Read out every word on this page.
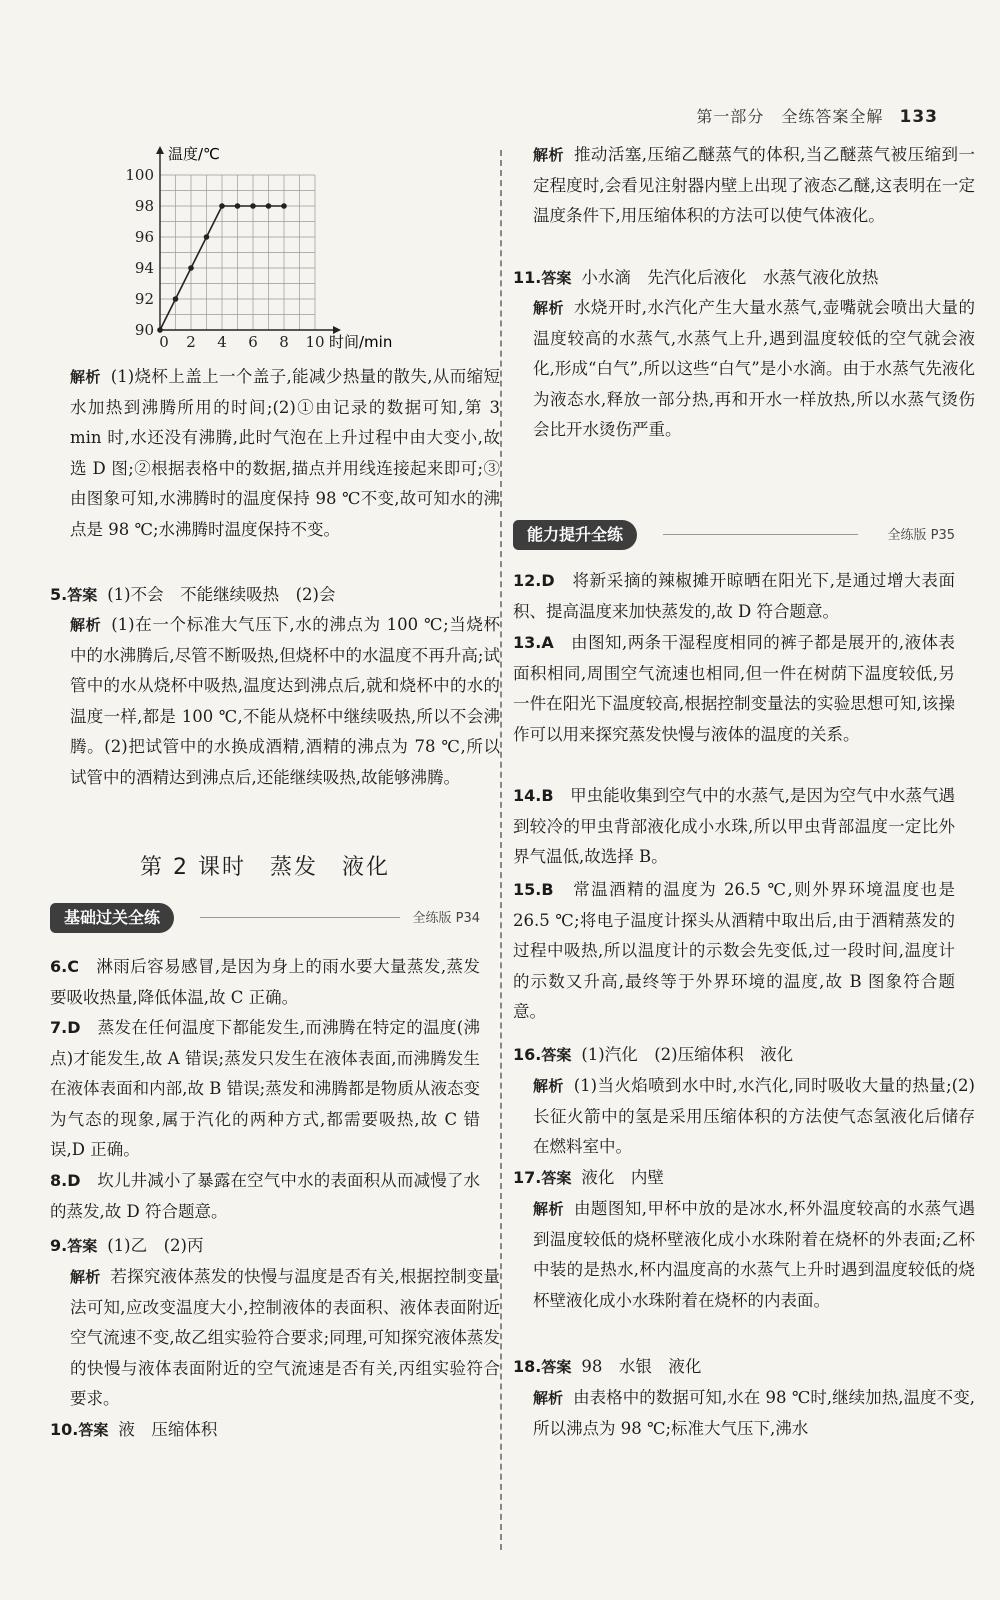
第一部分　全练答案全解 133
0 2 4 6 8 10
90
92
94
96
98
100
温度/℃
时间/min
解析 (1)烧杯上盖上一个盖子,能减少热量的散失,从而缩短水加热到沸腾所用的时间;(2)①由记录的数据可知,第 3 min 时,水还没有沸腾,此时气泡在上升过程中由大变小,故选 D 图;②根据表格中的数据,描点并用线连接起来即可;③由图象可知,水沸腾时的温度保持 98 ℃不变,故可知水的沸点是 98 ℃;水沸腾时温度保持不变。
5.答案 (1)不会　不能继续吸热　(2)会
解析 (1)在一个标准大气压下,水的沸点为 100 ℃;当烧杯中的水沸腾后,尽管不断吸热,但烧杯中的水温度不再升高;试管中的水从烧杯中吸热,温度达到沸点后,就和烧杯中的水的温度一样,都是 100 ℃,不能从烧杯中继续吸热,所以不会沸腾。(2)把试管中的水换成酒精,酒精的沸点为 78 ℃,所以试管中的酒精达到沸点后,还能继续吸热,故能够沸腾。
6.C　 淋雨后容易感冒,是因为身上的雨水要大量蒸发,蒸发要吸收热量,降低体温,故 C 正确。
7.D　 蒸发在任何温度下都能发生,而沸腾在特定的温度(沸点)才能发生,故 A 错误;蒸发只发生在液体表面,而沸腾发生在液体表面和内部,故 B 错误;蒸发和沸腾都是物质从液态变为气态的现象,属于汽化的两种方式,都需要吸热,故 C 错误,D 正确。
8.D　 坎儿井减小了暴露在空气中水的表面积从而减慢了水的蒸发,故 D 符合题意。
9.答案 (1)乙　(2)丙
解析 若探究液体蒸发的快慢与温度是否有关,根据控制变量法可知,应改变温度大小,控制液体的表面积、液体表面附近空气流速不变,故乙组实验符合要求;同理,可知探究液体蒸发的快慢与液体表面附近的空气流速是否有关,丙组实验符合要求。
10.答案 液　压缩体积
第 2 课时　蒸发　液化
基础过关全练	全练版 P34
解析 推动活塞,压缩乙醚蒸气的体积,当乙醚蒸气被压缩到一定程度时,会看见注射器内壁上出现了液态乙醚,这表明在一定温度条件下,用压缩体积的方法可以使气体液化。
11.答案 小水滴　先汽化后液化　水蒸气液化放热
解析 水烧开时,水汽化产生大量水蒸气,壶嘴就会喷出大量的温度较高的水蒸气,水蒸气上升,遇到温度较低的空气就会液化,形成“白气”,所以这些“白气”是小水滴。由于水蒸气先液化为液态水,释放一部分热,再和开水一样放热,所以水蒸气烫伤会比开水烫伤严重。
12.D　 将新采摘的辣椒摊开晾晒在阳光下,是通过增大表面积、提高温度来加快蒸发的,故 D 符合题意。
13.A　 由图知,两条干湿程度相同的裤子都是展开的,液体表面积相同,周围空气流速也相同,但一件在树荫下温度较低,另一件在阳光下温度较高,根据控制变量法的实验思想可知,该操作可以用来探究蒸发快慢与液体的温度的关系。
14.B　 甲虫能收集到空气中的水蒸气,是因为空气中水蒸气遇到较冷的甲虫背部液化成小水珠,所以甲虫背部温度一定比外界气温低,故选择 B。
15.B　 常温酒精的温度为 26.5 ℃,则外界环境温度也是 26.5 ℃;将电子温度计探头从酒精中取出后,由于酒精蒸发的过程中吸热,所以温度计的示数会先变低,过一段时间,温度计的示数又升高,最终等于外界环境的温度,故 B 图象符合题意。
16.答案 (1)汽化　(2)压缩体积　液化
解析 (1)当火焰喷到水中时,水汽化,同时吸收大量的热量;(2)长征火箭中的氢是采用压缩体积的方法使气态氢液化后储存在燃料室中。
17.答案 液化　内壁
解析 由题图知,甲杯中放的是冰水,杯外温度较高的水蒸气遇到温度较低的烧杯壁液化成小水珠附着在烧杯的外表面;乙杯中装的是热水,杯内温度高的水蒸气上升时遇到温度较低的烧杯壁液化成小水珠附着在烧杯的内表面。
18.答案 98　水银　液化
解析 由表格中的数据可知,水在 98 ℃时,继续加热,温度不变,所以沸点为 98 ℃;标准大气压下,沸水
能力提升全练	全练版 P35
